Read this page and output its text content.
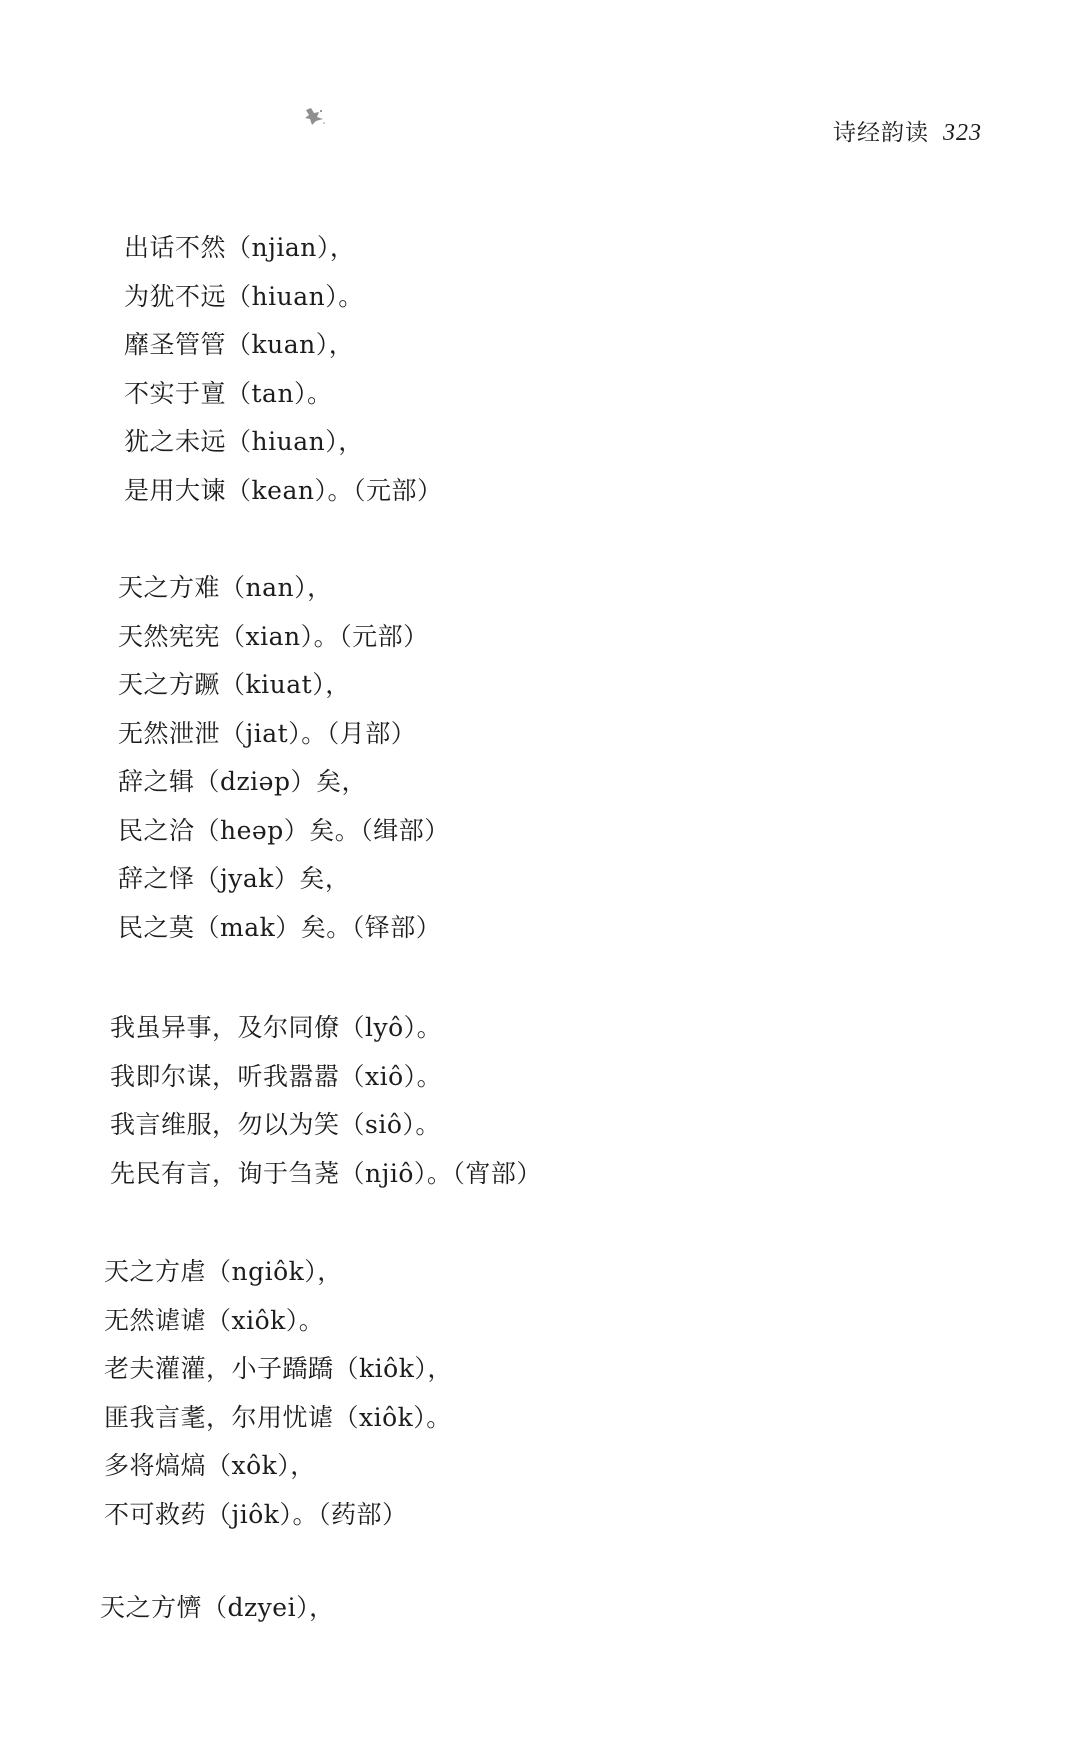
诗经韵读 323
出话不然（njian），
为犹不远（hiuan）。
靡圣管管（kuan），
不实于亶（tan）。
犹之未远（hiuan），
是用大谏（kean）。（元部）
天之方难（nan），
天然宪宪（xian）。（元部）
天之方蹶（kiuat），
无然泄泄（jiat）。（月部）
辞之辑（dziəp）矣，
民之洽（heəp）矣。（缉部）
辞之怿（jyak）矣，
民之莫（mak）矣。（铎部）
我虽异事，及尔同僚（lyô）。
我即尔谋，听我嚣嚣（xiô）。
我言维服，勿以为笑（siô）。
先民有言，询于刍荛（njiô）。（宵部）
天之方虐（ngiôk），
无然谑谑（xiôk）。
老夫灌灌，小子蹻蹻（kiôk），
匪我言耄，尔用忧谑（xiôk）。
多将熇熇（xôk），
不可救药（jiôk）。（药部）
天之方懠（dzyei），
